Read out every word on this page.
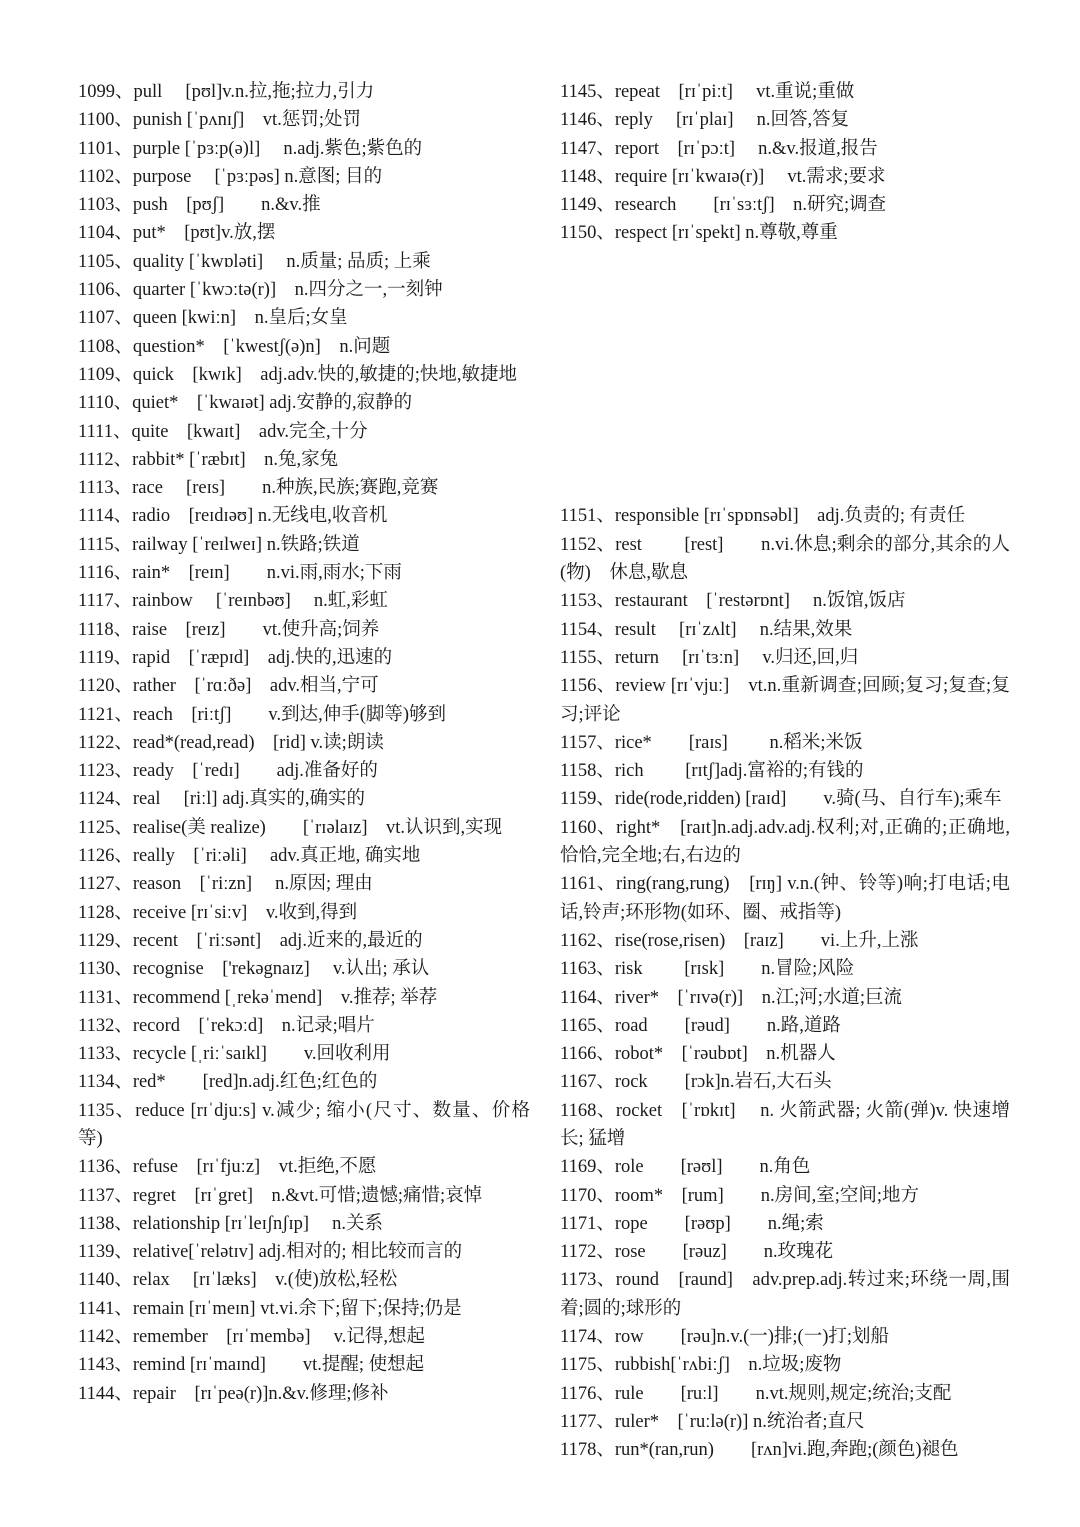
1099、pull　 [pʊl]v.n.拉,拖;拉力,引力
1100、punish [ˈpʌnɪʃ]　vt.惩罚;处罚
1101、purple [ˈpɜːp(ə)l]　 n.adj.紫色;紫色的
1102、purpose　 [ˈpɜːpəs] n.意图; 目的
1103、push　[pʊʃ]　　n.&v.推
1104、put*　[pʊt]v.放,摆
1105、quality [ˈkwɒləti]　 n.质量; 品质; 上乘
1106、quarter [ˈkwɔːtə(r)]　n.四分之一,一刻钟
1107、queen [kwiːn]　n.皇后;女皇
1108、question*　[ˈkwestʃ(ə)n]　n.问题
1109、quick　[kwɪk]　adj.adv.快的,敏捷的;快地,敏捷地
1110、quiet*　[ˈkwaɪət] adj.安静的,寂静的
1111、quite　[kwaɪt]　adv.完全,十分
1112、rabbit* [ˈræbɪt]　n.兔,家兔
1113、race　 [reɪs]　　n.种族,民族;赛跑,竞赛
1114、radio　[reɪdɪəʊ] n.无线电,收音机
1115、railway [ˈreɪlweɪ] n.铁路;铁道
1116、rain*　[reɪn]　　n.vi.雨,雨水;下雨
1117、rainbow　 [ˈreɪnbəʊ]　 n.虹,彩虹
1118、raise　[reɪz]　　vt.使升高;饲养
1119、rapid　[ˈræpɪd]　adj.快的,迅速的
1120、rather　[ˈrɑːðə]　adv.相当,宁可
1121、reach　[riːtʃ]　　v.到达,伸手(脚等)够到
1122、read*(read,read)　[rid] v.读;朗读
1123、ready　[ˈredɪ]　　adj.准备好的
1124、real　 [riːl] adj.真实的,确实的
1125、realise(美 realize)　　[ˈrɪəlaɪz]　vt.认识到,实现
1126、really　[ˈriːəli]　 adv.真正地, 确实地
1127、reason　[ˈriːzn]　 n.原因; 理由
1128、receive [rɪˈsiːv]　v.收到,得到
1129、recent　[ˈriːsənt]　adj.近来的,最近的
1130、recognise　['rekəgnaɪz]　 v.认出; 承认
1131、recommend [ˌrekəˈmend]　v.推荐; 举荐
1132、record　[ˈrekɔːd]　n.记录;唱片
1133、recycle [ˌriːˈsaɪkl]　　v.回收利用
1134、red*　　[red]n.adj.红色;红色的
1135、reduce [rɪˈdjuːs] v.减少; 缩小(尺寸、数量、价格等)
1136、refuse　[rɪˈfjuːz]　vt.拒绝,不愿
1137、regret　[rɪˈgret]　n.&vt.可惜;遗憾;痛惜;哀悼
1138、relationship [rɪˈleɪʃnʃɪp]　 n.关系
1139、relative[ˈrelətɪv] adj.相对的; 相比较而言的
1140、relax　 [rɪˈlæks]　v.(使)放松,轻松
1141、remain [rɪˈmeɪn] vt.vi.余下;留下;保持;仍是
1142、remember　[rɪˈmembə]　 v.记得,想起
1143、remind [rɪˈmaɪnd]　　vt.提醒; 使想起
1144、repair　[rɪˈpeə(r)]n.&v.修理;修补
1145、repeat　[rɪˈpiːt]　 vt.重说;重做
1146、reply　 [rɪˈplaɪ]　 n.回答,答复
1147、report　[rɪˈpɔːt]　 n.&v.报道,报告
1148、require [rɪˈkwaɪə(r)]　 vt.需求;要求
1149、research　　[rɪˈsɜːtʃ]　n.研究;调查
1150、respect [rɪˈspekt] n.尊敬,尊重
1151、responsible [rɪˈspɒnsəbl]　adj.负责的; 有责任
1152、rest　　 [rest]　　n.vi.休息;剩余的部分,其余的人(物)　休息,歇息
1153、restaurant　[ˈrestərɒnt]　 n.饭馆,饭店
1154、result　 [rɪˈzʌlt]　 n.结果,效果
1155、return　 [rɪˈtɜːn]　 v.归还,回,归
1156、review [rɪˈvjuː]　vt.n.重新调查;回顾;复习;复查;复习;评论
1157、rice*　　[raɪs]　　 n.稻米;米饭
1158、rich　　 [rɪtʃ]adj.富裕的;有钱的
1159、ride(rode,ridden) [raɪd]　　v.骑(马、自行车);乘车
1160、right*　[raɪt]n.adj.adv.adj.权利;对,正确的;正确地,恰恰,完全地;右,右边的
1161、ring(rang,rung)　[rɪŋ] v.n.(钟、铃等)响;打电话;电话,铃声;环形物(如环、圈、戒指等)
1162、rise(rose,risen)　[raɪz]　　vi.上升,上涨
1163、risk　　 [rɪsk]　　n.冒险;风险
1164、river*　[ˈrɪvə(r)]　n.江;河;水道;巨流
1165、road　　[rəud]　　n.路,道路
1166、robot*　[ˈrəubɒt]　n.机器人
1167、rock　　[rɔk]n.岩石,大石头
1168、rocket　[ˈrɒkɪt]　 n. 火箭武器; 火箭(弹)v. 快速增长; 猛增
1169、role　　[rəʊl]　　n.角色
1170、room*　[rum]　　n.房间,室;空间;地方
1171、rope　　[rəʊp]　　n.绳;索
1172、rose　　[rəuz]　　n.玫瑰花
1173、round　[raund]　adv.prep.adj.转过来;环绕一周,围着;圆的;球形的
1174、row　　[rəu]n.v.(一)排;(一)打;划船
1175、rubbish[ˈrʌbiːʃ]　n.垃圾;废物
1176、rule　　[ruːl]　　n.vt.规则,规定;统治;支配
1177、ruler*　[ˈruːlə(r)] n.统治者;直尺
1178、run*(ran,run)　　[rʌn]vi.跑,奔跑;(颜色)褪色
